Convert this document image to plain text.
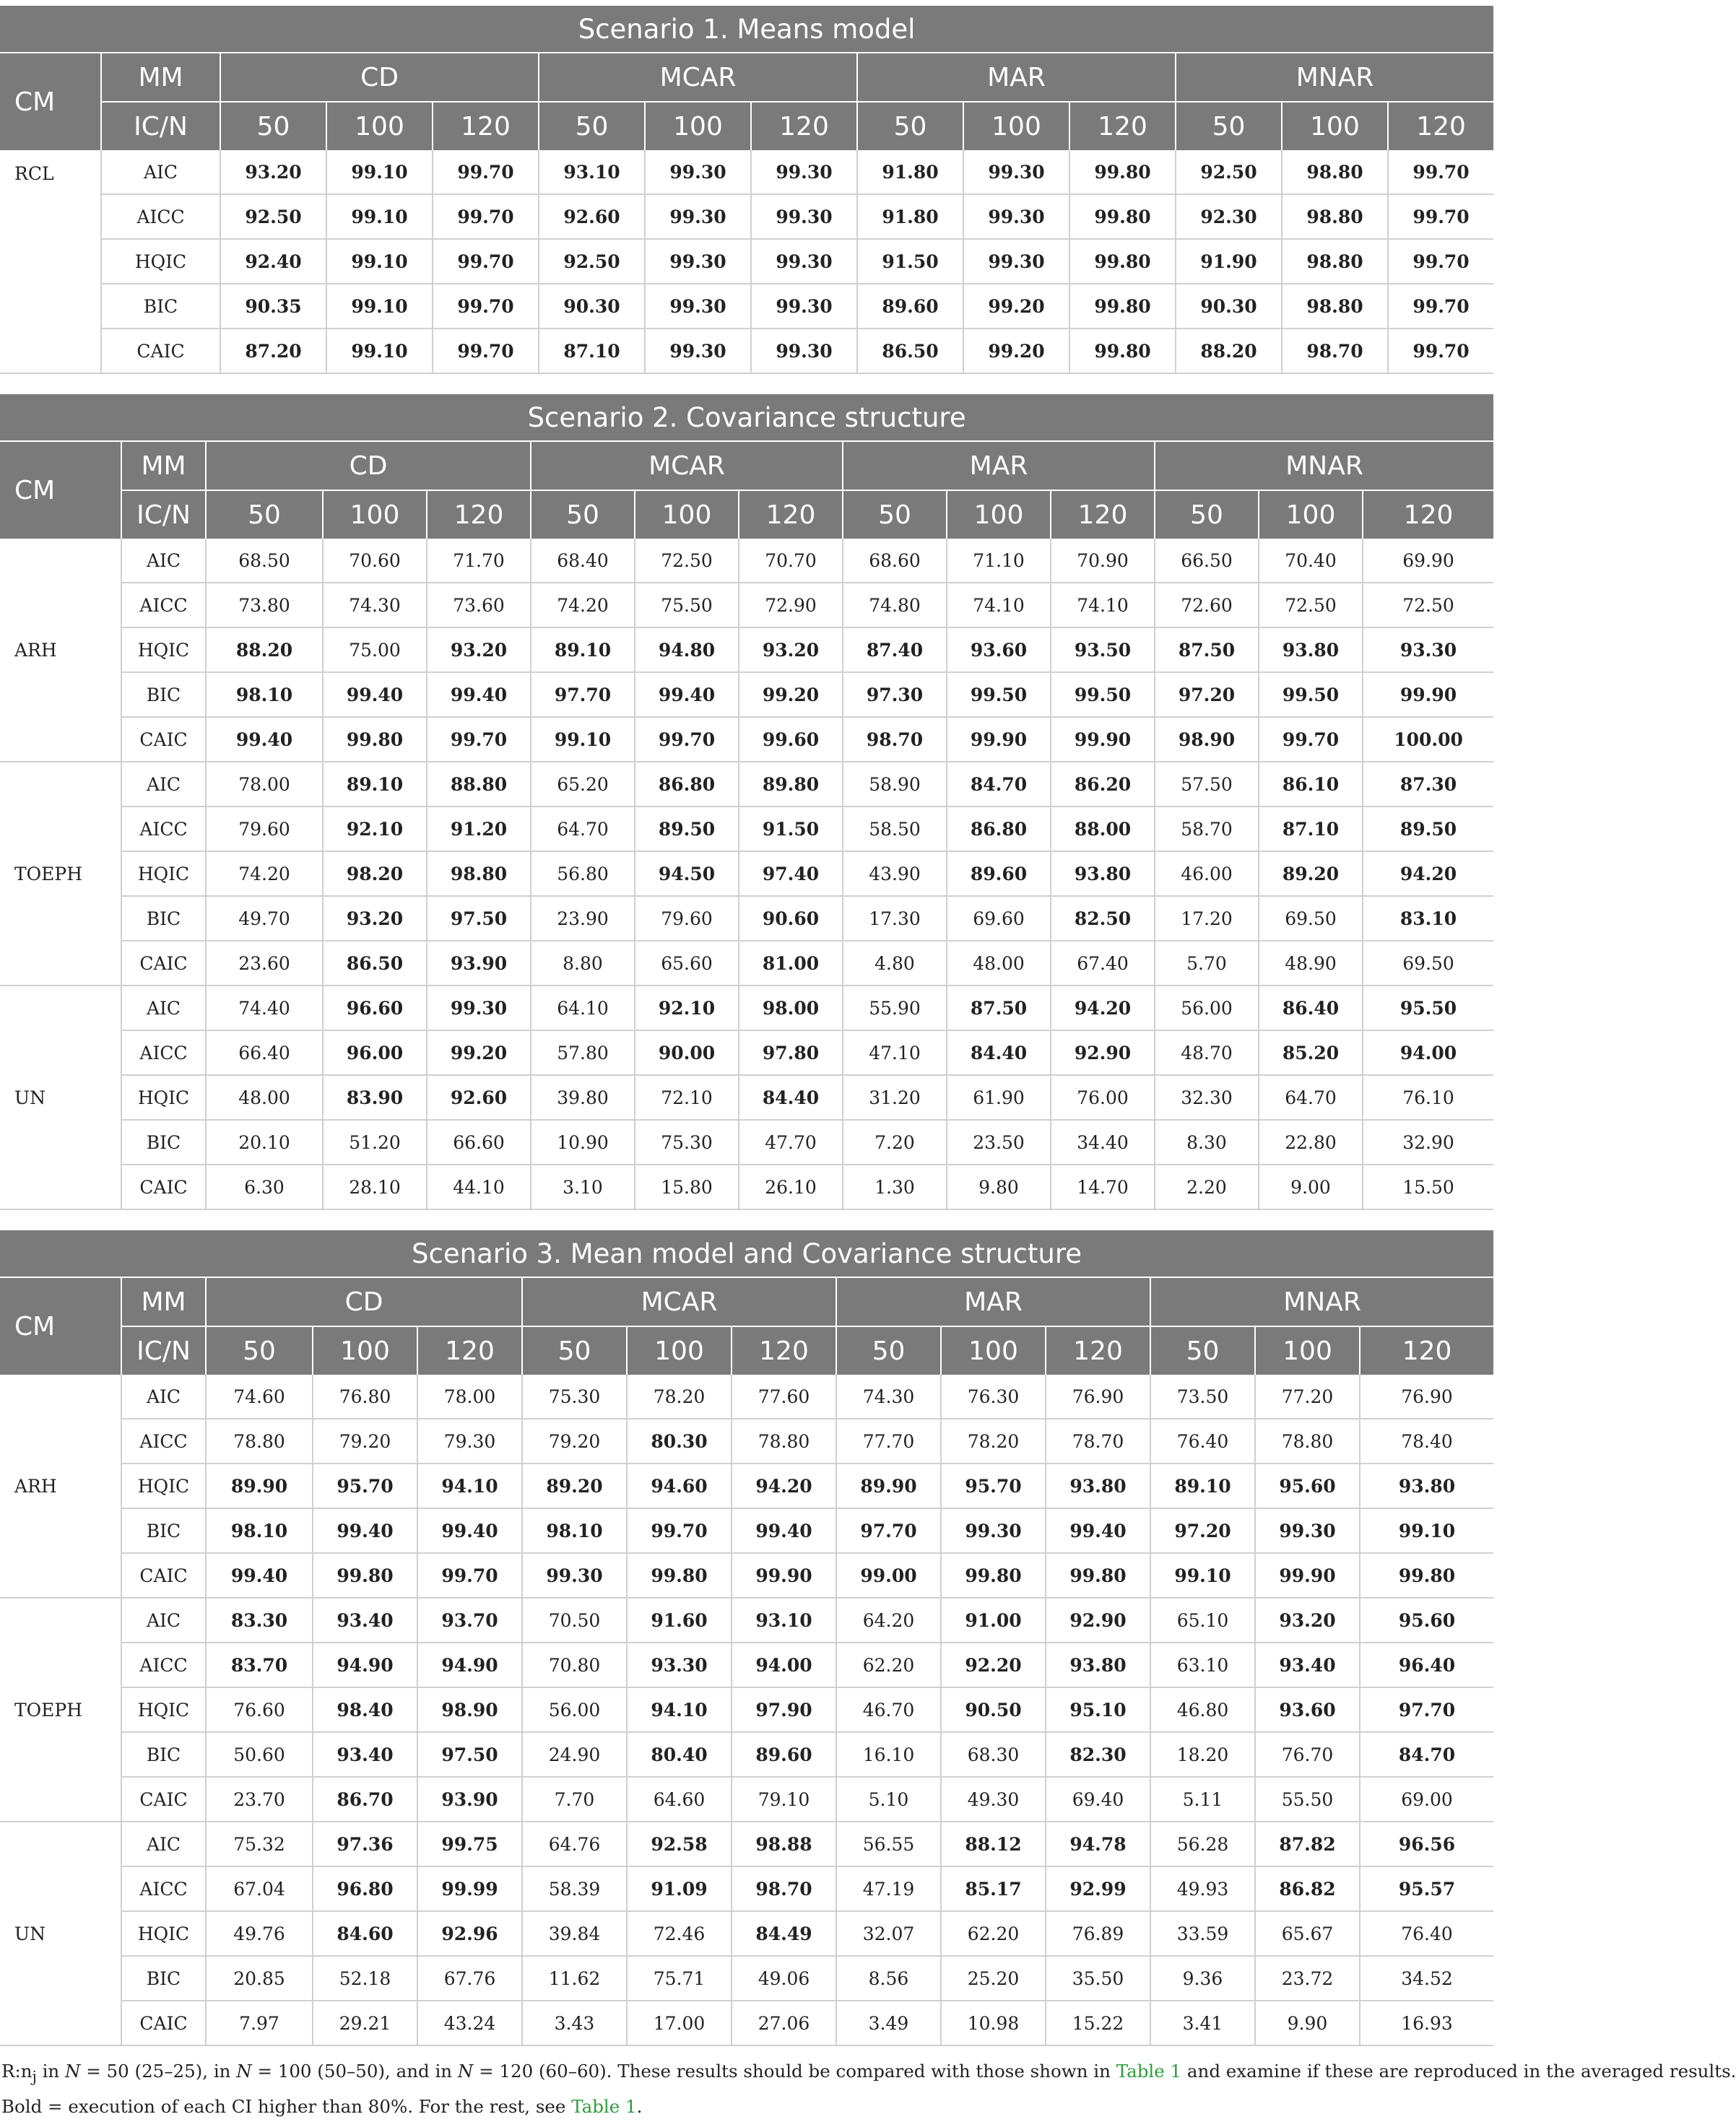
Scenario 1. Means model													
CM	MM	CD			MCAR			MAR			MNAR		
	IC/N	50	100	120	50	100	120	50	100	120	50	100	120
RCL	AIC	93.20	99.10	99.70	93.10	99.30	99.30	91.80	99.30	99.80	92.50	98.80	99.70
	AICC	92.50	99.10	99.70	92.60	99.30	99.30	91.80	99.30	99.80	92.30	98.80	99.70
	HQIC	92.40	99.10	99.70	92.50	99.30	99.30	91.50	99.30	99.80	91.90	98.80	99.70
	BIC	90.35	99.10	99.70	90.30	99.30	99.30	89.60	99.20	99.80	90.30	98.80	99.70
	CAIC	87.20	99.10	99.70	87.10	99.30	99.30	86.50	99.20	99.80	88.20	98.70	99.70
Scenario 2. Covariance structure													
CM	MM	CD			MCAR			MAR			MNAR		
	IC/N	50	100	120	50	100	120	50	100	120	50	100	120
ARH	AIC	68.50	70.60	71.70	68.40	72.50	70.70	68.60	71.10	70.90	66.50	70.40	69.90
	AICC	73.80	74.30	73.60	74.20	75.50	72.90	74.80	74.10	74.10	72.60	72.50	72.50
	HQIC	88.20	75.00	93.20	89.10	94.80	93.20	87.40	93.60	93.50	87.50	93.80	93.30
	BIC	98.10	99.40	99.40	97.70	99.40	99.20	97.30	99.50	99.50	97.20	99.50	99.90
	CAIC	99.40	99.80	99.70	99.10	99.70	99.60	98.70	99.90	99.90	98.90	99.70	100.00
TOEPH	AIC	78.00	89.10	88.80	65.20	86.80	89.80	58.90	84.70	86.20	57.50	86.10	87.30
	AICC	79.60	92.10	91.20	64.70	89.50	91.50	58.50	86.80	88.00	58.70	87.10	89.50
	HQIC	74.20	98.20	98.80	56.80	94.50	97.40	43.90	89.60	93.80	46.00	89.20	94.20
	BIC	49.70	93.20	97.50	23.90	79.60	90.60	17.30	69.60	82.50	17.20	69.50	83.10
	CAIC	23.60	86.50	93.90	8.80	65.60	81.00	4.80	48.00	67.40	5.70	48.90	69.50
UN	AIC	74.40	96.60	99.30	64.10	92.10	98.00	55.90	87.50	94.20	56.00	86.40	95.50
	AICC	66.40	96.00	99.20	57.80	90.00	97.80	47.10	84.40	92.90	48.70	85.20	94.00
	HQIC	48.00	83.90	92.60	39.80	72.10	84.40	31.20	61.90	76.00	32.30	64.70	76.10
	BIC	20.10	51.20	66.60	10.90	75.30	47.70	7.20	23.50	34.40	8.30	22.80	32.90
	CAIC	6.30	28.10	44.10	3.10	15.80	26.10	1.30	9.80	14.70	2.20	9.00	15.50
Scenario 3. Mean model and Covariance structure													
CM	MM	CD			MCAR			MAR			MNAR		
	IC/N	50	100	120	50	100	120	50	100	120	50	100	120
ARH	AIC	74.60	76.80	78.00	75.30	78.20	77.60	74.30	76.30	76.90	73.50	77.20	76.90
	AICC	78.80	79.20	79.30	79.20	80.30	78.80	77.70	78.20	78.70	76.40	78.80	78.40
	HQIC	89.90	95.70	94.10	89.20	94.60	94.20	89.90	95.70	93.80	89.10	95.60	93.80
	BIC	98.10	99.40	99.40	98.10	99.70	99.40	97.70	99.30	99.40	97.20	99.30	99.10
	CAIC	99.40	99.80	99.70	99.30	99.80	99.90	99.00	99.80	99.80	99.10	99.90	99.80
TOEPH	AIC	83.30	93.40	93.70	70.50	91.60	93.10	64.20	91.00	92.90	65.10	93.20	95.60
	AICC	83.70	94.90	94.90	70.80	93.30	94.00	62.20	92.20	93.80	63.10	93.40	96.40
	HQIC	76.60	98.40	98.90	56.00	94.10	97.90	46.70	90.50	95.10	46.80	93.60	97.70
	BIC	50.60	93.40	97.50	24.90	80.40	89.60	16.10	68.30	82.30	18.20	76.70	84.70
	CAIC	23.70	86.70	93.90	7.70	64.60	79.10	5.10	49.30	69.40	5.11	55.50	69.00
UN	AIC	75.32	97.36	99.75	64.76	92.58	98.88	56.55	88.12	94.78	56.28	87.82	96.56
	AICC	67.04	96.80	99.99	58.39	91.09	98.70	47.19	85.17	92.99	49.93	86.82	95.57
	HQIC	49.76	84.60	92.96	39.84	72.46	84.49	32.07	62.20	76.89	33.59	65.67	76.40
	BIC	20.85	52.18	67.76	11.62	75.71	49.06	8.56	25.20	35.50	9.36	23.72	34.52
	CAIC	7.97	29.21	43.24	3.43	17.00	27.06	3.49	10.98	15.22	3.41	9.90	16.93
$R:n_j$ in N = 50 (25–25), in N = 100 (50–50), and in N = 120 (60–60). These results should be compared with those shown in Table 1 and examine if these are reproduced in the averaged results.
Bold = execution of each CI higher than 80%. For the rest, see Table 1.
